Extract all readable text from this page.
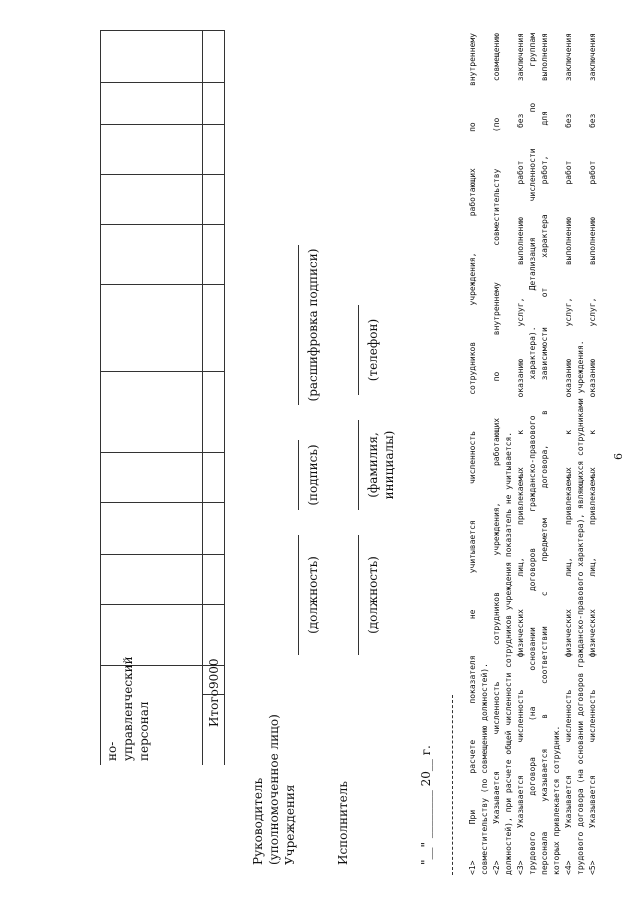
6
но- управленческий персонал	Итого
9000
Руководитель (уполномоченное лицо) Учреждения
(должность)
(подпись)
(расшифровка подписи)
Исполнитель
(должность)
(фамилия, инициалы)
(телефон)
"__" ________ 20__ г.	<1> При расчете показателя не учитывается численность сотрудников учреждения, работающих по внутреннему совместительству (по совмещению должностей). <2> Указывается численность сотрудников учреждения, работающих по внутреннему совместительству (по совмещению должностей), при расчете общей численности сотрудников учреждения показатель не учитывается. <3> Указывается численность физических лиц, привлекаемых к оказанию услуг, выполнению работ без заключения трудового договора (на основании договоров гражданско-правового характера). Детализация численности по группам персонала указывается в соответствии с предметом договора, в зависимости от характера работ, для выполнения которых привлекается сотрудник. <4> Указывается численность физических лиц, привлекаемых к оказанию услуг, выполнению работ без заключения трудового договора (на основании договоров гражданско-правового характера), являющихся сотрудниками учреждения. <5> Указывается численность физических лиц, привлекаемых к оказанию услуг, выполнению работ без заключения
